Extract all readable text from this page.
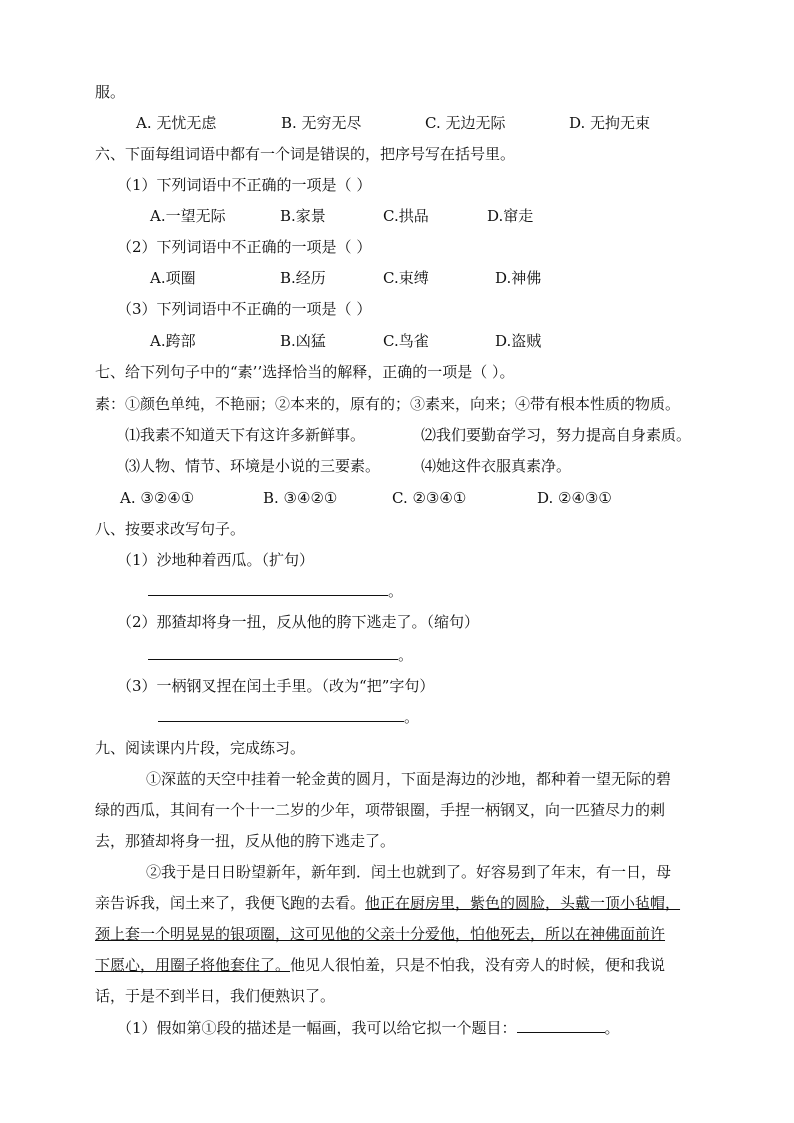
服。
A. 无忧无虑	B. 无穷无尽	C. 无边无际	D. 无拘无束
六、下面每组词语中都有一个词是错误的，把序号写在括号里。
（1）下列词语中不正确的一项是（ ）
A.一望无际	B.家景	C.拱品	D.窜走
（2）下列词语中不正确的一项是（ ）
A.项圈	B.经历	C.束缚	D.神佛
（3）下列词语中不正确的一项是（ ）
A.跨部	B.凶猛	C.鸟雀	D.盗贼
七、给下列句子中的“素’’选择恰当的解释，正确的一项是（ ）。
素：①颜色单纯，不艳丽；②本来的，原有的；③素来，向来；④带有根本性质的物质。
⑴我素不知道天下有这许多新鲜事。	⑵我们要勤奋学习，努力提高自身素质。
⑶人物、情节、环境是小说的三要素。	⑷她这件衣服真素净。
A. ③②④①	B. ③④②①	C. ②③④①	D. ②④③①
八、按要求改写句子。
（1）沙地种着西瓜。（扩句）
。
（2）那猹却将身一扭，反从他的胯下逃走了。（缩句）
。
（3）一柄钢叉捏在闰土手里。（改为“把”字句）
。
九、阅读课内片段，完成练习。
①深蓝的天空中挂着一轮金黄的圆月，下面是海边的沙地，都种着一望无际的碧
绿的西瓜，其间有一个十一二岁的少年，项带银圈，手捏一柄钢叉，向一匹猹尽力的刺
去，那猹却将身一扭，反从他的胯下逃走了。
②我于是日日盼望新年，新年到．闰土也就到了。好容易到了年末，有一日，母
亲告诉我，闰土来了，我便飞跑的去看。他正在厨房里，紫色的圆脸，头戴一顶小毡帽，
颈上套一个明晃晃的银项圈，这可见他的父亲十分爱他，怕他死去，所以在神佛面前许
下愿心，用圈子将他套住了。他见人很怕羞，只是不怕我，没有旁人的时候，便和我说
话，于是不到半日，我们便熟识了。
（1）假如第①段的描述是一幅画，我可以给它拟一个题目：	。
